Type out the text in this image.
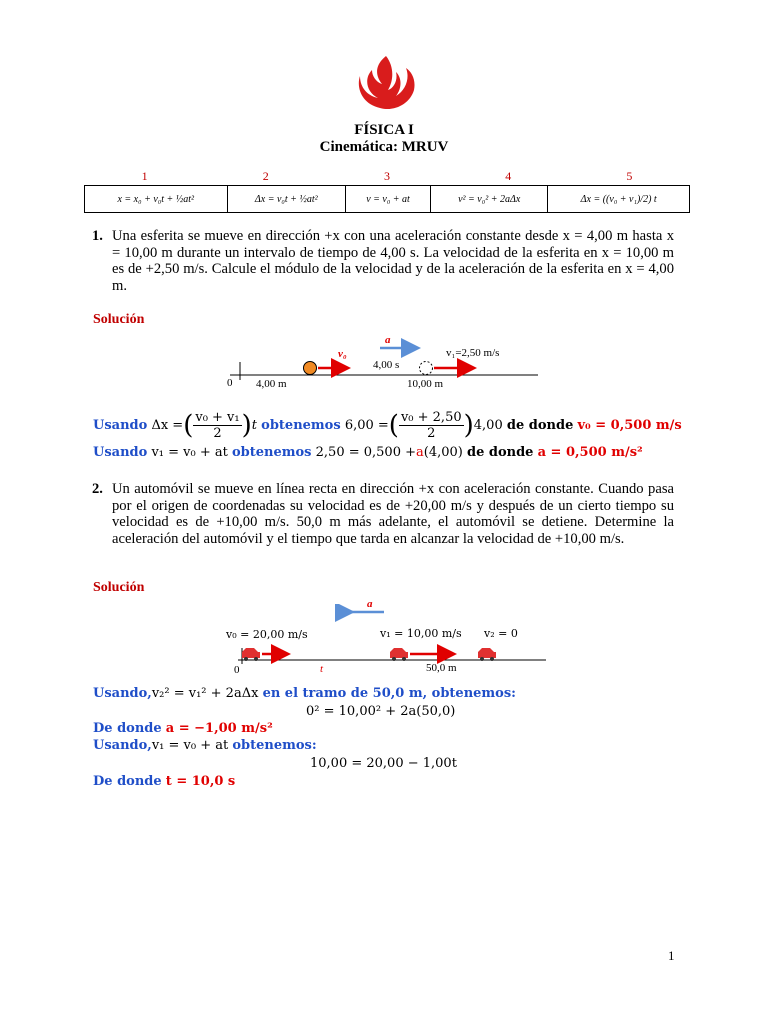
FÍSICA I
Cinemática: MRUV
1	2	3	4	5
x = x₀ + v₀t + ½at²	Δx = v₀t + ½at²	v = v₀ + at	v² = v₀² + 2aΔx	Δx = ((v₀ + v₁)/2) t
1. Una esferita se mueve en dirección +x con una aceleración constante desde x = 4,00 m hasta x = 10,00 m durante un intervalo de tiempo de 4,00 s. La velocidad de la esferita en x = 10,00 m es de +2,50 m/s. Calcule el módulo de la velocidad y de la aceleración de la esferita en x = 4,00 m.
Solución
a
v₀
4,00 s
v₁=2,50 m/s
0 4,00 m	10,00 m
Usando Δx =( $\frac{\text{v₀ + v₁}}{2} )t$ obtenemos 6,00 =( $\frac{\text{v₀ + 2,50}}{2} )4,00$ de donde v₀ = 0,500 m/s
Usando v₁ = v₀ + at obtenemos 2,50 = 0,500 +a(4,00) de donde a = 0,500 m/s²
2. Un automóvil se mueve en línea recta en dirección +x con aceleración constante. Cuando pasa por el origen de coordenadas su velocidad es de +20,00 m/s y después de un cierto tiempo su velocidad es de +10,00 m/s. 50,0 m más adelante, el automóvil se detiene. Determine la aceleración del automóvil y el tiempo que tarda en alcanzar la velocidad de +10,00 m/s.
Solución
a
v₀ = 20,00 m/s	v₁ = 10,00 m/s v₂ = 0
0	t	50,0 m
Usando,v₂² = v₁² + 2aΔx en el tramo de 50,0 m, obtenemos:
0² = 10,00² + 2a(50,0)
De donde a = −1,00 m/s²
Usando,v₁ = v₀ + at obtenemos:
10,00 = 20,00 − 1,00t
De donde t = 10,0 s
1
